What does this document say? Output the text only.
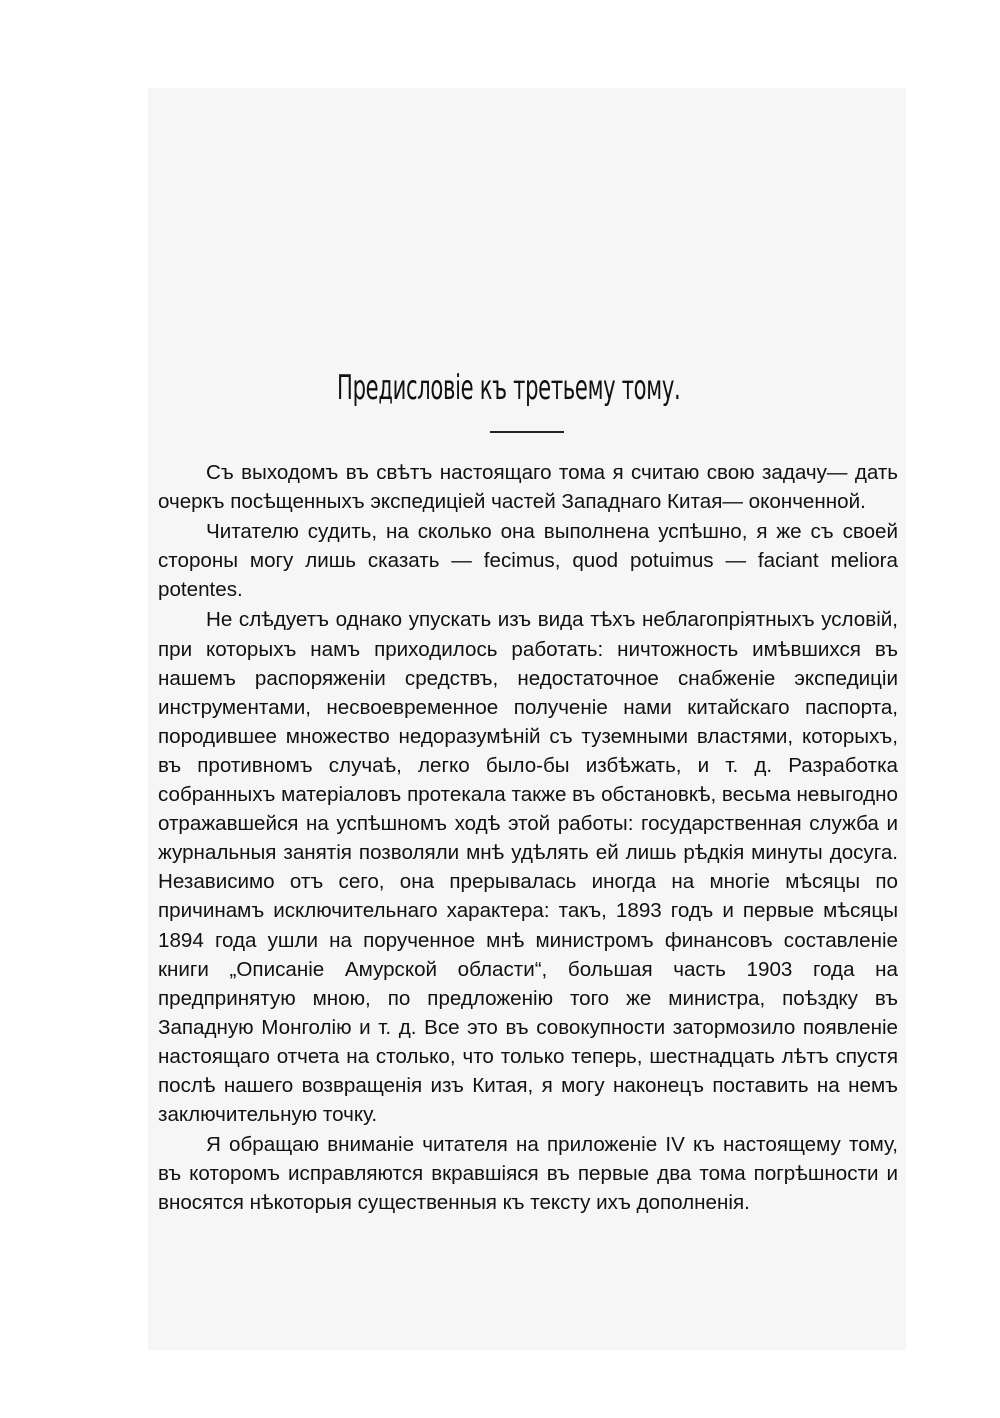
Предисловіе къ третьему тому.

Съ выходомъ въ свѣтъ настоящаго тома я считаю свою задачу— дать очеркъ посѣщенныхъ экспедиціей частей Западнаго Китая— оконченной.

Читателю судить, на сколько она выполнена успѣшно, я же съ своей стороны могу лишь сказать — fecimus, quod potuimus — faciant meliora potentes.

Не слѣдуетъ однако упускать изъ вида тѣхъ неблагопріятныхъ условій, при которыхъ намъ приходилось работать: ничтожность имѣвшихся въ нашемъ распоряженіи средствъ, недостаточное снабженіе экспедиціи инструментами, несвоевременное полученіе нами китайскаго паспорта, породившее множество недоразумѣній съ туземными властями, которыхъ, въ противномъ случаѣ, легко было-бы избѣжать, и т. д. Разработка собранныхъ матеріаловъ протекала также въ обстановкѣ, весьма невыгодно отражавшейся на успѣшномъ ходѣ этой работы: государственная служба и журнальныя занятія позволяли мнѣ удѣлять ей лишь рѣдкія минуты досуга. Независимо отъ сего, она прерывалась иногда на многіе мѣсяцы по причинамъ исключительнаго характера: такъ, 1893 годъ и первые мѣсяцы 1894 года ушли на порученное мнѣ министромъ финансовъ составленіе книги „Описаніе Амурской области“, большая часть 1903 года на предпринятую мною, по предложенію того же министра, поѣздку въ Западную Монголію и т. д. Все это въ совокупности затормозило появленіе настоящаго отчета на столько, что только теперь, шестнадцать лѣтъ спустя послѣ нашего возвращенія изъ Китая, я могу наконецъ поставить на немъ заключительную точку.

Я обращаю вниманіе читателя на приложеніе IV къ настоящему тому, въ которомъ исправляются вкравшіяся въ первые два тома погрѣшности и вносятся нѣкоторыя существенныя къ тексту ихъ дополненія.
